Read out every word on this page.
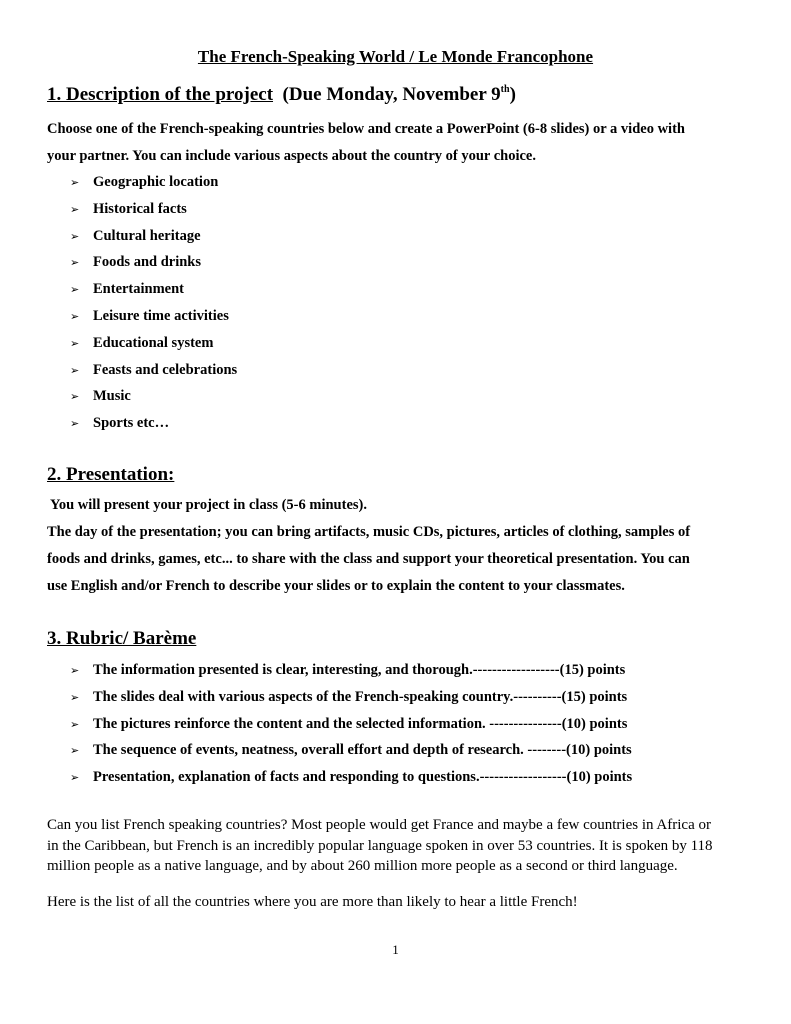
The French-Speaking World / Le Monde Francophone
1. Description of the project (Due Monday, November 9th)
Choose one of the French-speaking countries below and create a PowerPoint (6-8 slides) or a video with
your partner. You can include various aspects about the country of your choice.
➢ Geographic location
➢ Historical facts
➢ Cultural heritage
➢ Foods and drinks
➢ Entertainment
➢ Leisure time activities
➢ Educational system
➢ Feasts and celebrations
➢ Music
➢ Sports etc…
2. Presentation:
You will present your project in class (5-6 minutes).
The day of the presentation; you can bring artifacts, music CDs, pictures, articles of clothing, samples of
foods and drinks, games, etc... to share with the class and support your theoretical presentation. You can
use English and/or French to describe your slides or to explain the content to your classmates.
3. Rubric/ Barème
➢ The information presented is clear, interesting, and thorough.------------------(15) points
➢ The slides deal with various aspects of the French-speaking country.----------(15) points
➢ The pictures reinforce the content and the selected information. ---------------(10) points
➢ The sequence of events, neatness, overall effort and depth of research. --------(10) points
➢ Presentation, explanation of facts and responding to questions.------------------(10) points
Can you list French speaking countries? Most people would get France and maybe a few countries in Africa or
in the Caribbean, but French is an incredibly popular language spoken in over 53 countries. It is spoken by 118
million people as a native language, and by about 260 million more people as a second or third language.
Here is the list of all the countries where you are more than likely to hear a little French!
1
